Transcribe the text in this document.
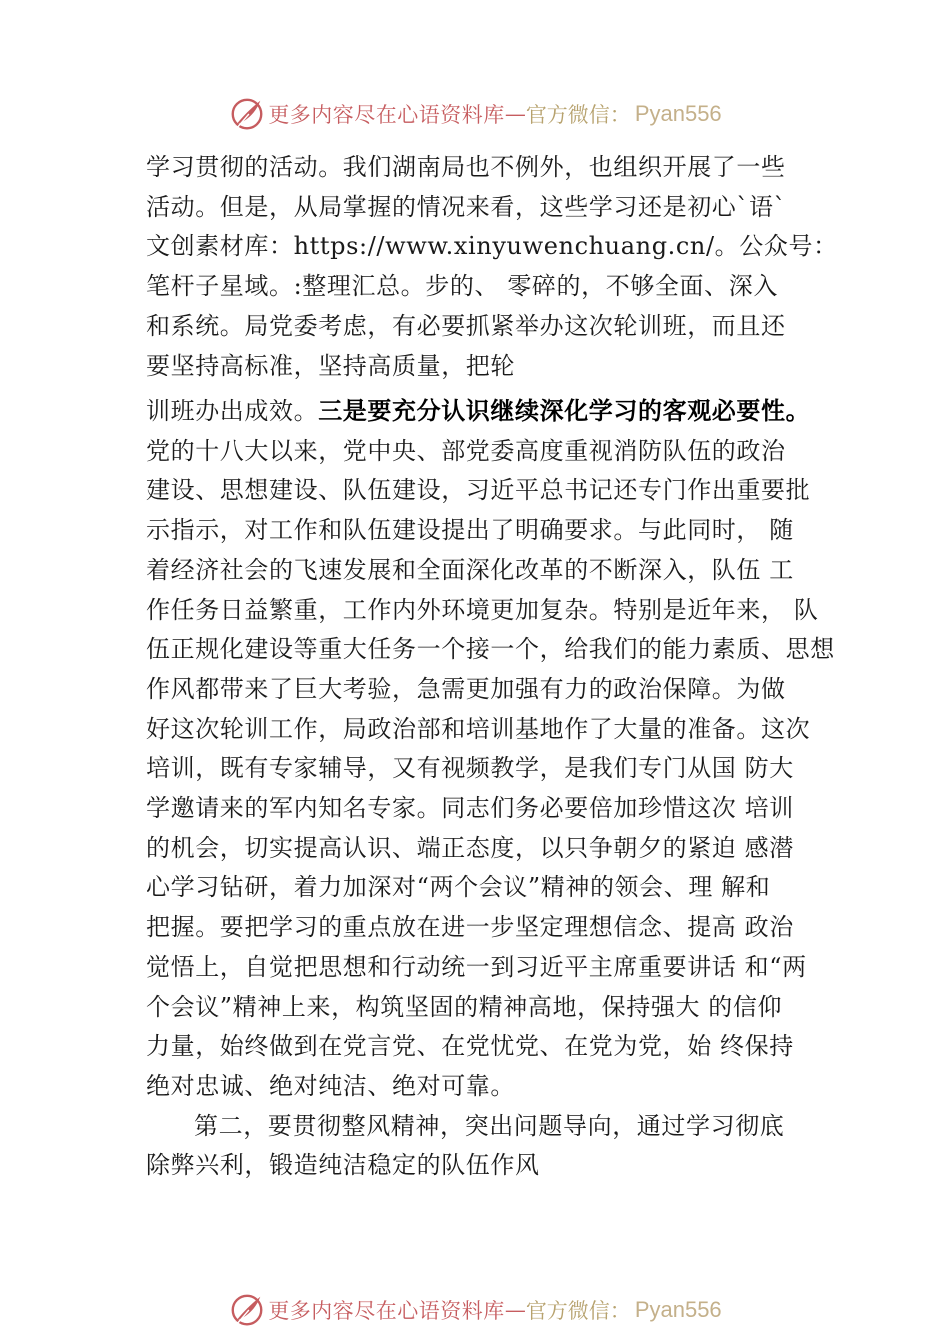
更多内容尽在心语资料库 — 官方微信： Pyan556
学习贯彻的活动。我们湖南局也不例外，也组织开展了一些
活动。但是，从局掌握的情况来看，这些学习还是初心`语`
文创素材库：https://www.xinyuwenchuang.cn/。公众号：
笔杆子星域。:整理汇总。步的、 零碎的，不够全面、深入
和系统。局党委考虑，有必要抓紧举办这次轮训班，而且还
要坚持高标准，坚持高质量，把轮
训班办出成效。三是要充分认识继续深化学习的客观必要性。
党的十八大以来，党中央、部党委高度重视消防队伍的政治
建设、思想建设、队伍建设，习近平总书记还专门作出重要批
示指示，对工作和队伍建设提出了明确要求。与此同时， 随
着经济社会的飞速发展和全面深化改革的不断深入，队伍 工
作任务日益繁重，工作内外环境更加复杂。特别是近年来， 队
伍正规化建设等重大任务一个接一个，给我们的能力素质、思想
作风都带来了巨大考验，急需更加强有力的政治保障。为做
好这次轮训工作，局政治部和培训基地作了大量的准备。这次
培训，既有专家辅导，又有视频教学，是我们专门从国 防大
学邀请来的军内知名专家。同志们务必要倍加珍惜这次 培训
的机会，切实提高认识、端正态度，以只争朝夕的紧迫 感潜
心学习钻研，着力加深对“两个会议”精神的领会、理 解和
把握。要把学习的重点放在进一步坚定理想信念、提高 政治
觉悟上，自觉把思想和行动统一到习近平主席重要讲话 和“两
个会议”精神上来，构筑坚固的精神高地，保持强大 的信仰
力量，始终做到在党言党、在党忧党、在党为党，始 终保持
绝对忠诚、绝对纯洁、绝对可靠。
第二，要贯彻整风精神，突出问题导向，通过学习彻底
除弊兴利，锻造纯洁稳定的队伍作风
更多内容尽在心语资料库 — 官方微信： Pyan556
